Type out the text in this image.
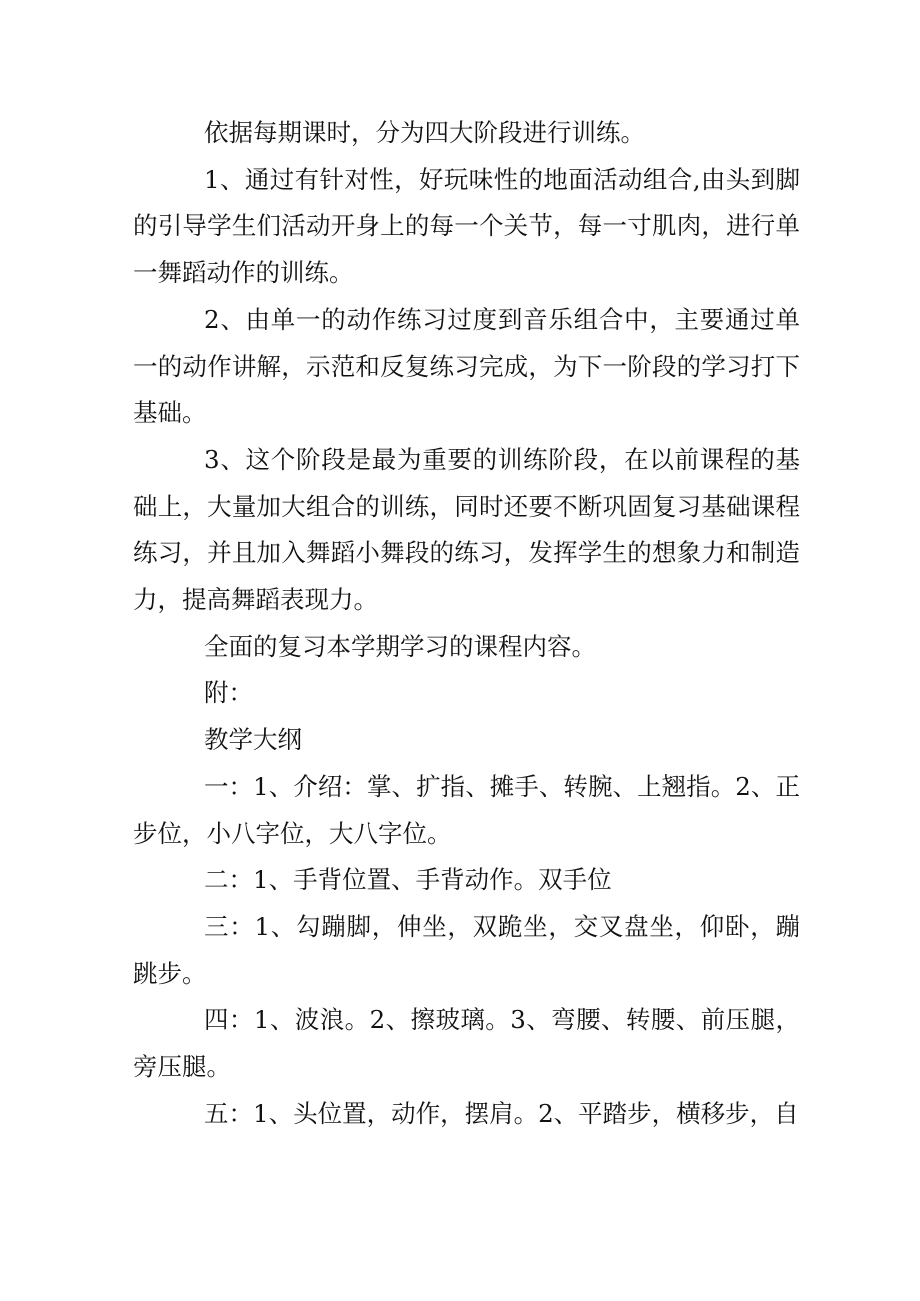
依据每期课时，分为四大阶段进行训练。

1、通过有针对性，好玩味性的地面活动组合,由头到脚的引导学生们活动开身上的每一个关节，每一寸肌肉，进行单一舞蹈动作的训练。

2、由单一的动作练习过度到音乐组合中，主要通过单一的动作讲解，示范和反复练习完成，为下一阶段的学习打下基础。

3、这个阶段是最为重要的训练阶段，在以前课程的基础上，大量加大组合的训练，同时还要不断巩固复习基础课程练习，并且加入舞蹈小舞段的练习，发挥学生的想象力和制造力，提高舞蹈表现力。

全面的复习本学期学习的课程内容。

附：

教学大纲

一：1、介绍：掌、扩指、摊手、转腕、上翘指。2、正步位，小八字位，大八字位。

二：1、手背位置、手背动作。双手位

三：1、勾蹦脚，伸坐，双跪坐，交叉盘坐，仰卧，蹦跳步。

四：1、波浪。2、擦玻璃。3、弯腰、转腰、前压腿，旁压腿。

五：1、头位置，动作，摆肩。2、平踏步，横移步，自
